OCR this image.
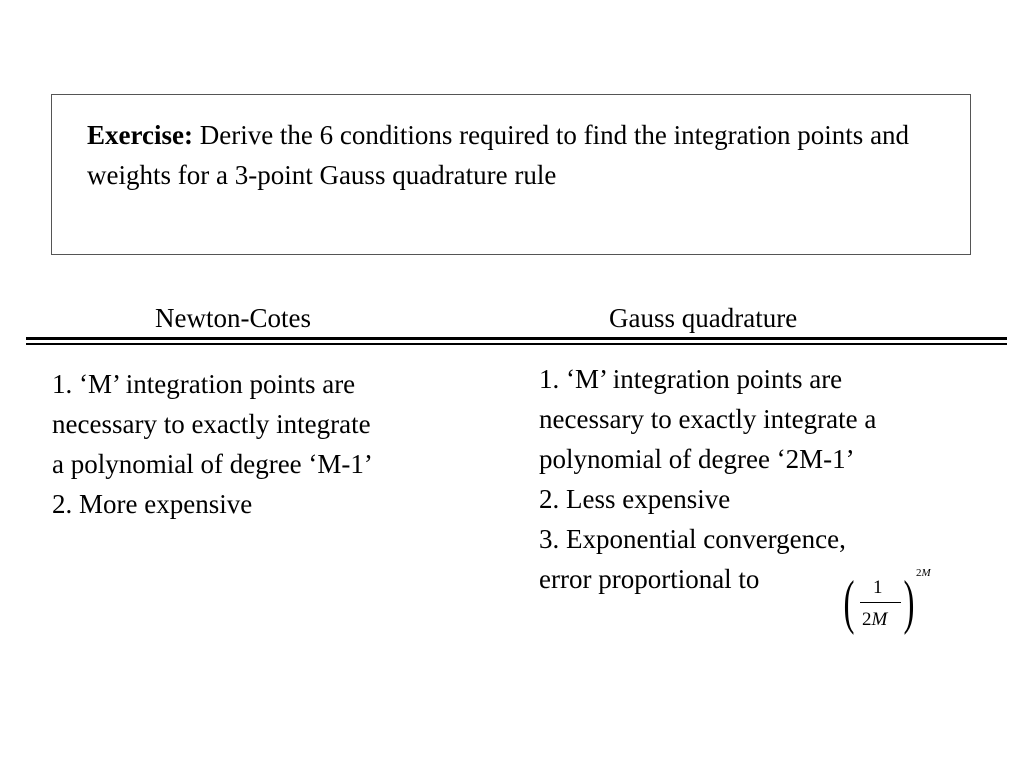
Exercise: Derive the 6 conditions required to find the integration points and weights for a 3-point Gauss quadrature rule
Newton-Cotes	Gauss quadrature
1. ‘M’ integration points are
necessary to exactly integrate
a polynomial of degree ‘M-1’
2. More expensive
1. ‘M’ integration points are
necessary to exactly integrate a
polynomial of degree ‘2M-1’
2. Less expensive
3. Exponential convergence,
error proportional to	( 1
2M ) 2M
